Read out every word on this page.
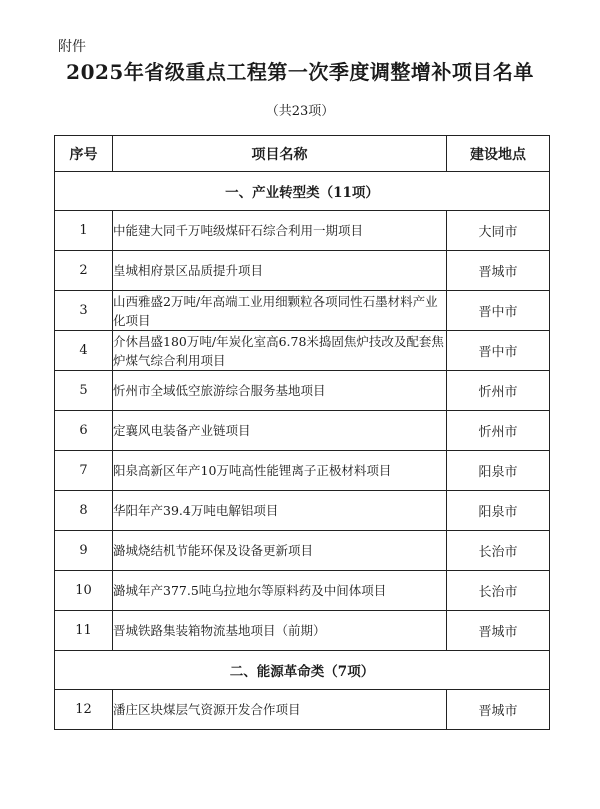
附件
2025年省级重点工程第一次季度调整增补项目名单
（共23项）
序号	项目名称	建设地点
一、产业转型类（11项）		
1	中能建大同千万吨级煤矸石综合利用一期项目	大同市
2	皇城相府景区品质提升项目	晋城市
3	山西雅盛2万吨/年高端工业用细颗粒各项同性石墨材料产业化项目	晋中市
4	介休昌盛180万吨/年炭化室高6.78米捣固焦炉技改及配套焦炉煤气综合利用项目	晋中市
5	忻州市全域低空旅游综合服务基地项目	忻州市
6	定襄风电装备产业链项目	忻州市
7	阳泉高新区年产10万吨高性能锂离子正极材料项目	阳泉市
8	华阳年产39.4万吨电解铝项目	阳泉市
9	潞城烧结机节能环保及设备更新项目	长治市
10	潞城年产377.5吨乌拉地尔等原料药及中间体项目	长治市
11	晋城铁路集装箱物流基地项目（前期）	晋城市
二、能源革命类（7项）		
12	潘庄区块煤层气资源开发合作项目	晋城市
